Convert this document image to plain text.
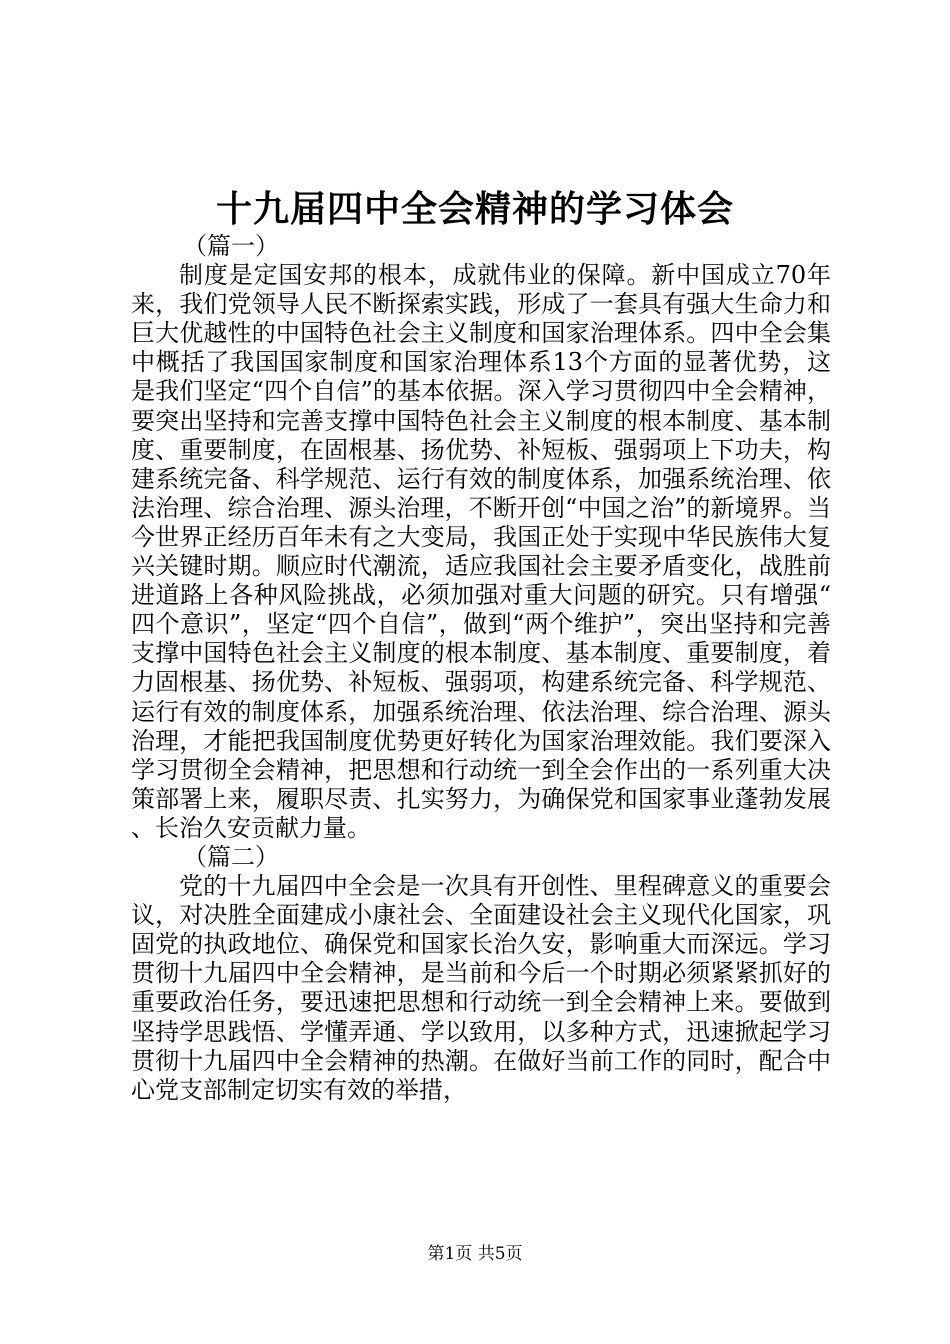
十九届四中全会精神的学习体会

（篇一）

制度是定国安邦的根本，成就伟业的保障。新中国成立70年来，我们党领导人民不断探索实践，形成了一套具有强大生命力和巨大优越性的中国特色社会主义制度和国家治理体系。四中全会集中概括了我国国家制度和国家治理体系13个方面的显著优势，这是我们坚定“四个自信”的基本依据。深入学习贯彻四中全会精神，要突出坚持和完善支撑中国特色社会主义制度的根本制度、基本制度、重要制度，在固根基、扬优势、补短板、强弱项上下功夫，构建系统完备、科学规范、运行有效的制度体系，加强系统治理、依法治理、综合治理、源头治理，不断开创“中国之治”的新境界。当今世界正经历百年未有之大变局，我国正处于实现中华民族伟大复兴关键时期。顺应时代潮流，适应我国社会主要矛盾变化，战胜前进道路上各种风险挑战，必须加强对重大问题的研究。只有增强“四个意识”，坚定“四个自信”，做到“两个维护”，突出坚持和完善支撑中国特色社会主义制度的根本制度、基本制度、重要制度，着力固根基、扬优势、补短板、强弱项，构建系统完备、科学规范、运行有效的制度体系，加强系统治理、依法治理、综合治理、源头治理，才能把我国制度优势更好转化为国家治理效能。我们要深入学习贯彻全会精神，把思想和行动统一到全会作出的一系列重大决策部署上来，履职尽责、扎实努力，为确保党和国家事业蓬勃发展、长治久安贡献力量。

（篇二）

党的十九届四中全会是一次具有开创性、里程碑意义的重要会议，对决胜全面建成小康社会、全面建设社会主义现代化国家，巩固党的执政地位、确保党和国家长治久安，影响重大而深远。学习贯彻十九届四中全会精神，是当前和今后一个时期必须紧紧抓好的重要政治任务，要迅速把思想和行动统一到全会精神上来。要做到坚持学思践悟、学懂弄通、学以致用，以多种方式，迅速掀起学习贯彻十九届四中全会精神的热潮。在做好当前工作的同时，配合中心党支部制定切实有效的举措，

第1页 共5页
